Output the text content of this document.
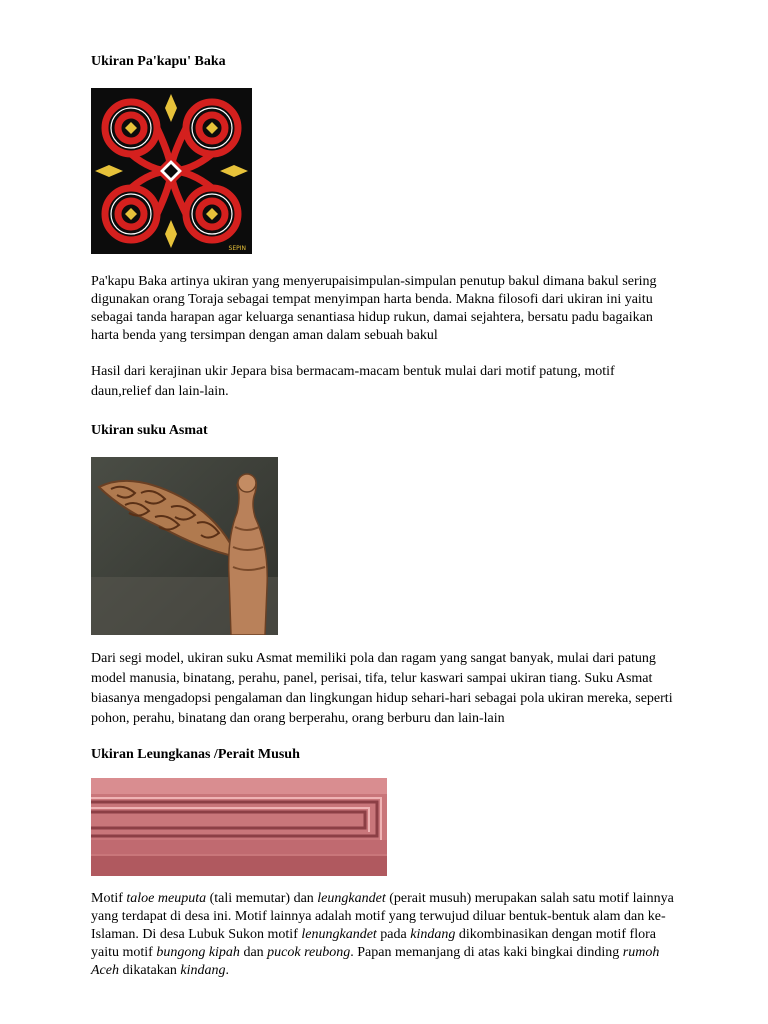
Ukiran Pa'kapu' Baka
SEPIN
Pa'kapu Baka artinya ukiran yang menyerupaisimpulan-simpulan penutup bakul dimana bakul sering digunakan orang Toraja sebagai tempat menyimpan harta benda. Makna filosofi dari ukiran ini yaitu sebagai tanda harapan agar keluarga senantiasa hidup rukun, damai sejahtera, bersatu padu bagaikan harta benda yang tersimpan dengan aman dalam sebuah bakul
Hasil dari kerajinan ukir Jepara bisa bermacam-macam bentuk mulai dari motif patung, motif daun,relief dan lain-lain.
Ukiran suku Asmat
Dari segi model, ukiran suku Asmat memiliki pola dan ragam yang sangat banyak, mulai dari patung model manusia, binatang, perahu, panel, perisai, tifa, telur kaswari sampai ukiran tiang. Suku Asmat biasanya mengadopsi pengalaman dan lingkungan hidup sehari-hari sebagai pola ukiran mereka, seperti pohon, perahu, binatang dan orang berperahu, orang berburu dan lain-lain
Ukiran Leungkanas /Perait Musuh
Motif taloe meuputa (tali memutar) dan leungkandet (perait musuh) merupakan salah satu motif lainnya yang terdapat di desa ini. Motif lainnya adalah motif yang terwujud diluar bentuk-bentuk alam dan ke-Islaman. Di desa Lubuk Sukon motif lenungkandet pada kindang dikombinasikan dengan motif flora yaitu motif bungong kipah dan pucok reubong. Papan memanjang di atas kaki bingkai dinding rumoh Aceh dikatakan kindang.
